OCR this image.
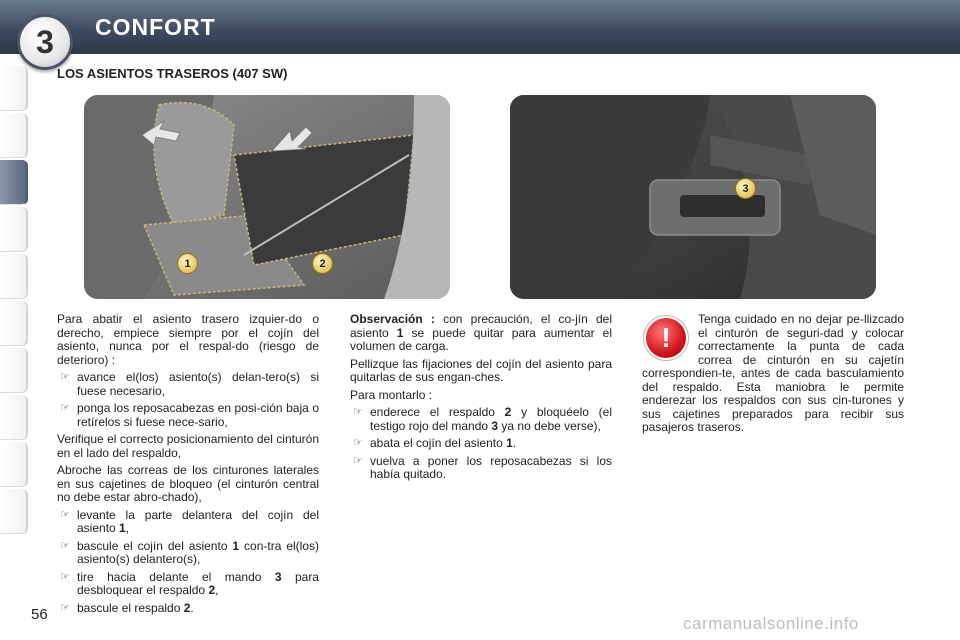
3	CONFORT
LOS ASIENTOS TRASEROS (407 SW)
1	2
3

Para abatir el asiento trasero izquier-do o derecho, empiece siempre por el cojín del asiento, nunca por el respal-do (riesgo de deterioro) :

☞ avance el(los) asiento(s) delan-tero(s) si fuese necesario,
☞ ponga los reposacabezas en posi-ción baja o retírelos si fuese nece-sario,

Verifique el correcto posicionamiento del cinturón en el lado del respaldo,

Abroche las correas de los cinturones laterales en sus cajetines de bloqueo (el cinturón central no debe estar abro-chado),

☞ levante la parte delantera del cojín del asiento 1,
☞ bascule el cojín del asiento 1 con-tra el(los) asiento(s) delantero(s),
☞ tire hacia delante el mando 3 para desbloquear el respaldo 2,
☞ bascule el respaldo 2.

Observación : con precaución, el co-jín del asiento 1 se puede quitar para aumentar el volumen de carga.

Pellizque las fijaciones del cojín del asiento para quitarlas de sus engan-ches.

Para montarlo :

☞ enderece el respaldo 2 y bloquéelo (el testigo rojo del mando 3 ya no debe verse),
☞ abata el cojín del asiento 1.
☞ vuelva a poner los reposacabezas si los había quitado.
!

Tenga cuidado en no dejar pe-llizcado el cinturón de seguri-dad y colocar correctamente la punta de cada correa de cinturón en su cajetín correspondien-te, antes de cada basculamiento del respaldo. Esta maniobra le permite enderezar los respaldos con sus cin-turones y sus cajetines preparados para recibir sus pasajeros traseros.

56	carmanualsonline.info
